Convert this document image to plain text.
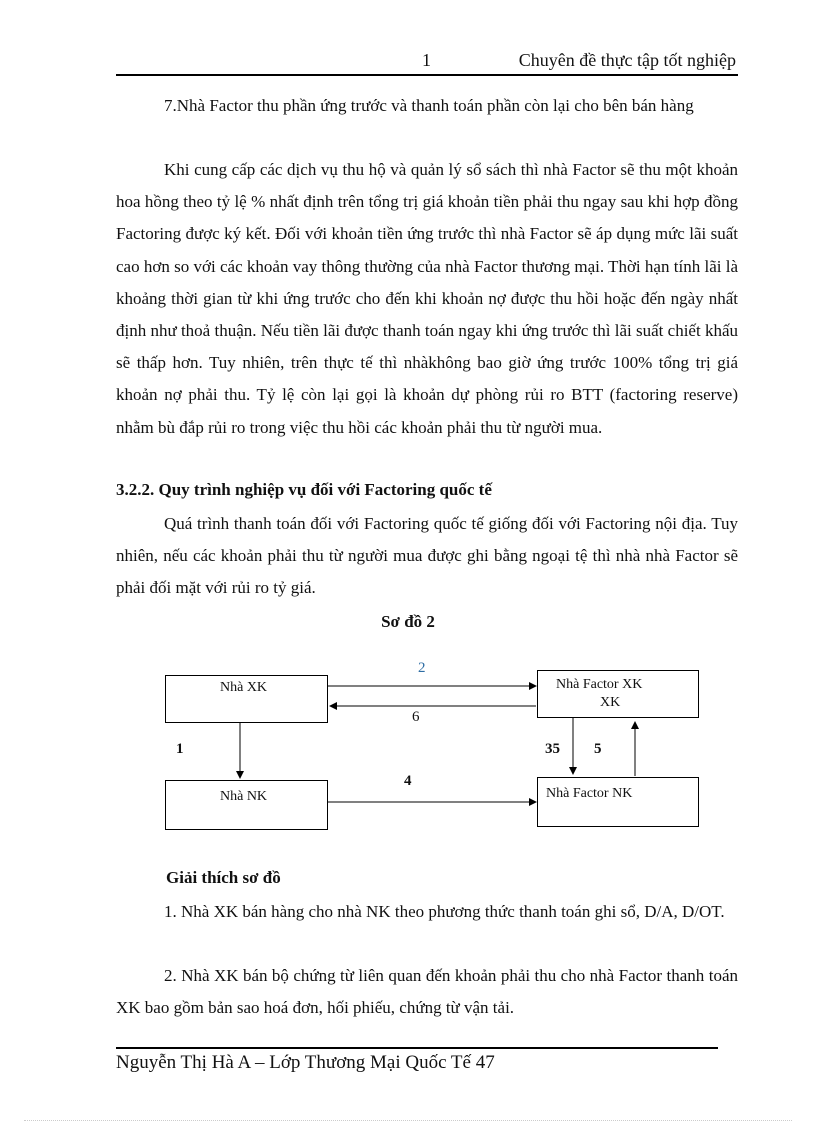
1	Chuyên đề thực tập tốt nghiệp

7.Nhà Factor thu phần ứng trước và thanh toán phần còn lại cho bên bán hàng

Khi cung cấp các dịch vụ thu hộ và quản lý sổ sách thì nhà Factor sẽ thu một khoản hoa hồng theo tỷ lệ % nhất định trên tổng trị giá khoản tiền phải thu ngay sau khi hợp đồng Factoring được ký kết. Đối với khoản tiền ứng trước thì nhà Factor sẽ áp dụng mức lãi suất cao hơn so với các khoản vay thông thường của nhà Factor thương mại. Thời hạn tính lãi là khoảng thời gian từ khi ứng trước cho đến khi khoản nợ được thu hồi hoặc đến ngày nhất định như thoả thuận. Nếu tiền lãi được thanh toán ngay khi ứng trước thì lãi suất chiết khấu sẽ thấp hơn. Tuy nhiên, trên thực tế thì nhàkhông bao giờ ứng trước 100% tổng trị giá khoản nợ phải thu. Tỷ lệ còn lại gọi là khoản dự phòng rủi ro BTT (factoring reserve) nhằm bù đắp rủi ro trong việc thu hồi các khoản phải thu từ người mua.

3.2.2. Quy trình nghiệp vụ đối với Factoring quốc tế

Quá trình thanh toán đối với Factoring quốc tế giống đối với Factoring nội địa. Tuy nhiên, nếu các khoản phải thu từ người mua được ghi bằng ngoại tệ thì nhà nhà Factor sẽ phải đối mặt với rủi ro tỷ giá.

Sơ đồ 2
Nhà XK	Nhà Factor XK
XK
Nhà NK	Nhà Factor NK
2
6
1	35 5
4
Giải thích sơ đồ

1. Nhà XK bán hàng cho nhà NK theo phương thức thanh toán ghi sổ, D/A, D/OT.

2. Nhà XK bán bộ chứng từ liên quan đến khoản phải thu cho nhà Factor thanh toán XK bao gồm bản sao hoá đơn, hối phiếu, chứng từ vận tải.

Nguyễn Thị Hà A – Lớp Thương Mại Quốc Tế 47
